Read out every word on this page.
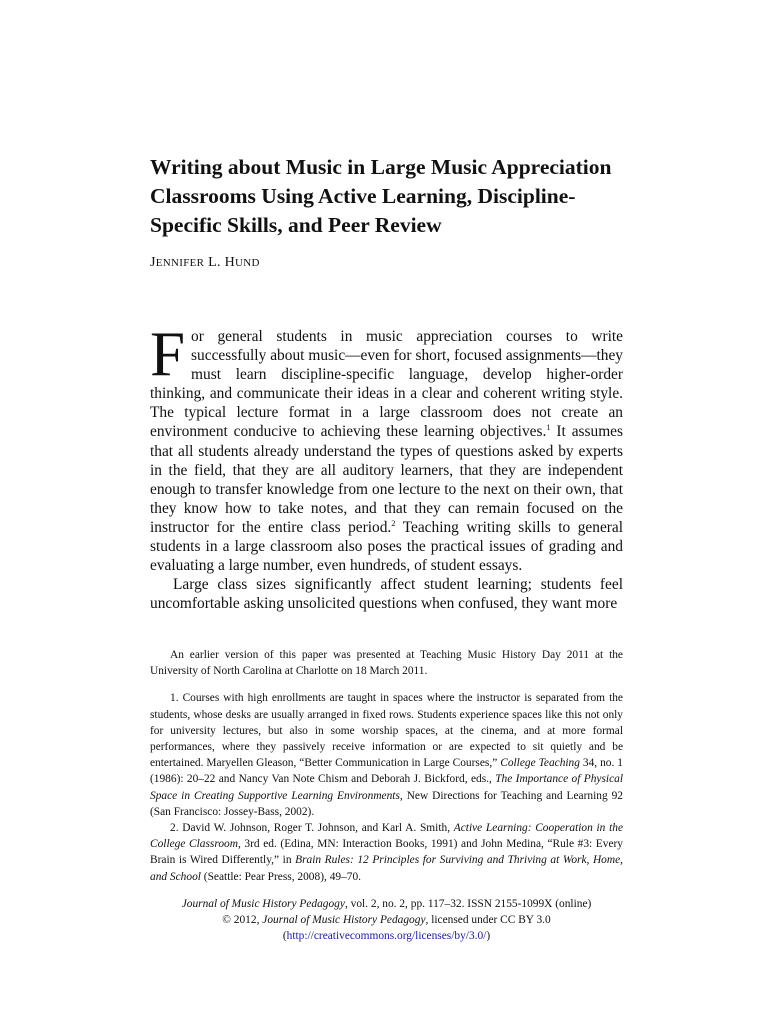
Writing about Music in Large Music Appreciation Classrooms Using Active Learning, Discipline-Specific Skills, and Peer Review
JENNIFER L. HUND

For general students in music appreciation courses to write successfully about music—even for short, focused assignments—they must learn discipline-specific language, develop higher-order thinking, and communicate their ideas in a clear and coherent writing style. The typical lecture format in a large classroom does not create an environment conducive to achieving these learning objectives.$^1$ It assumes that all students already understand the types of questions asked by experts in the field, that they are all auditory learners, that they are independent enough to transfer knowledge from one lecture to the next on their own, that they know how to take notes, and that they can remain focused on the instructor for the entire class period.$^2$ Teaching writing skills to general students in a large classroom also poses the practical issues of grading and evaluating a large number, even hundreds, of student essays.

Large class sizes significantly affect student learning; students feel uncomfortable asking unsolicited questions when confused, they want more

An earlier version of this paper was presented at Teaching Music History Day 2011 at the University of North Carolina at Charlotte on 18 March 2011.

1. Courses with high enrollments are taught in spaces where the instructor is separated from the students, whose desks are usually arranged in fixed rows. Students experience spaces like this not only for university lectures, but also in some worship spaces, at the cinema, and at more formal performances, where they passively receive information or are expected to sit quietly and be entertained. Maryellen Gleason, “Better Communication in Large Courses,” College Teaching 34, no. 1 (1986): 20–22 and Nancy Van Note Chism and Deborah J. Bickford, eds., The Importance of Physical Space in Creating Supportive Learning Environments, New Directions for Teaching and Learning 92 (San Francisco: Jossey-Bass, 2002).

2. David W. Johnson, Roger T. Johnson, and Karl A. Smith, Active Learning: Cooperation in the College Classroom, 3rd ed. (Edina, MN: Interaction Books, 1991) and John Medina, “Rule #3: Every Brain is Wired Differently,” in Brain Rules: 12 Principles for Surviving and Thriving at Work, Home, and School (Seattle: Pear Press, 2008), 49–70.

Journal of Music History Pedagogy, vol. 2, no. 2, pp. 117–32. ISSN 2155-1099X (online)
© 2012, Journal of Music History Pedagogy, licensed under CC BY 3.0
(http://creativecommons.org/licenses/by/3.0/)
